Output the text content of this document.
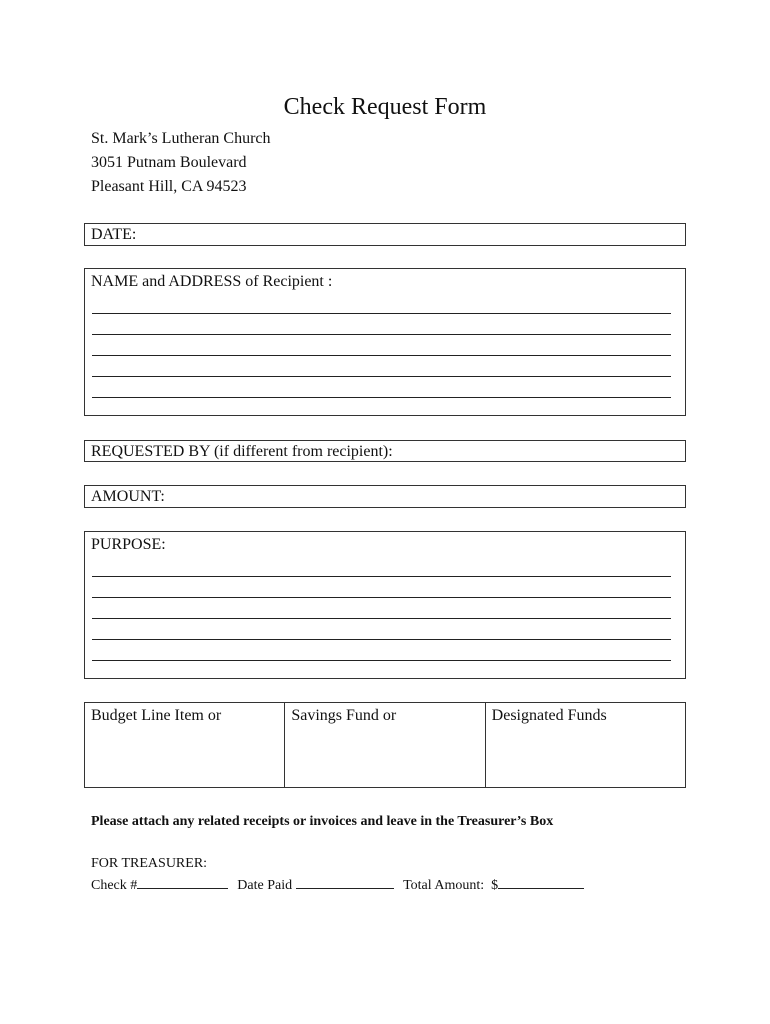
Check Request Form
St. Mark’s Lutheran Church
3051 Putnam Boulevard
Pleasant Hill, CA 94523
DATE:
NAME and ADDRESS of Recipient :
REQUESTED BY (if different from recipient):
AMOUNT:
PURPOSE:
Budget Line Item or	Savings Fund or	Designated Funds
Please attach any related receipts or invoices and leave in the Treasurer’s Box
FOR TREASURER:
Check #	Date Paid	Total Amount:  $
